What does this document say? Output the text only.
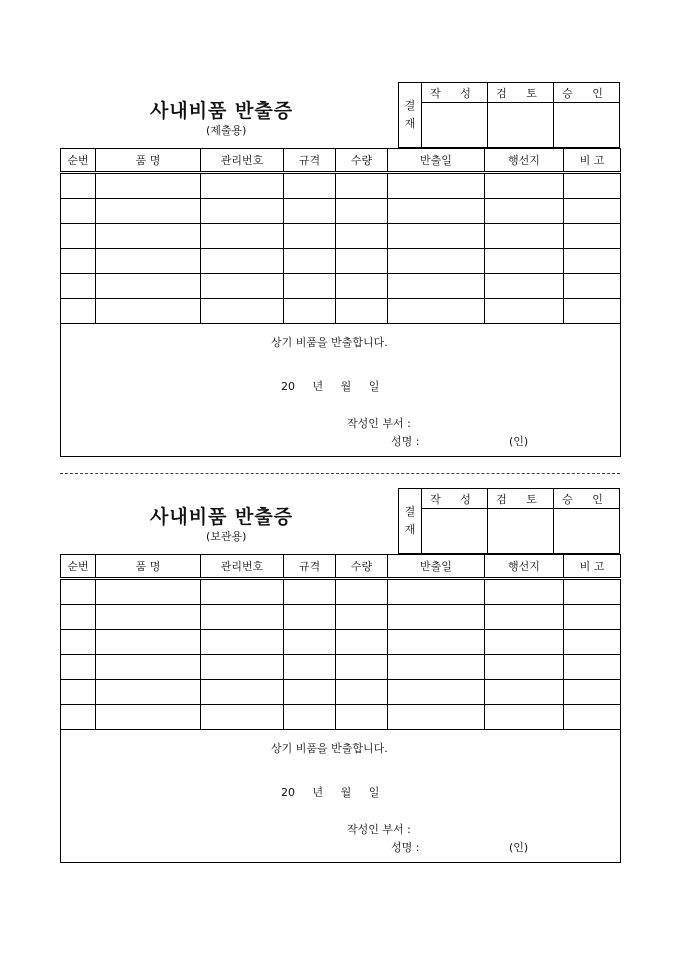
사내비품 반출증
(제출용)
결
재	작 성	검 토	승 인

순번	품 명	관리번호	규격	수량	반출일	행선지	비 고

상기 비품을 반출합니다.
20 년 월 일
작성인 부서 :
성명 : (인)							
사내비품 반출증
(보관용)
결
재	작 성	검 토	승 인

순번	품 명	관리번호	규격	수량	반출일	행선지	비 고

상기 비품을 반출합니다.
20 년 월 일
작성인 부서 :
성명 : (인)							
